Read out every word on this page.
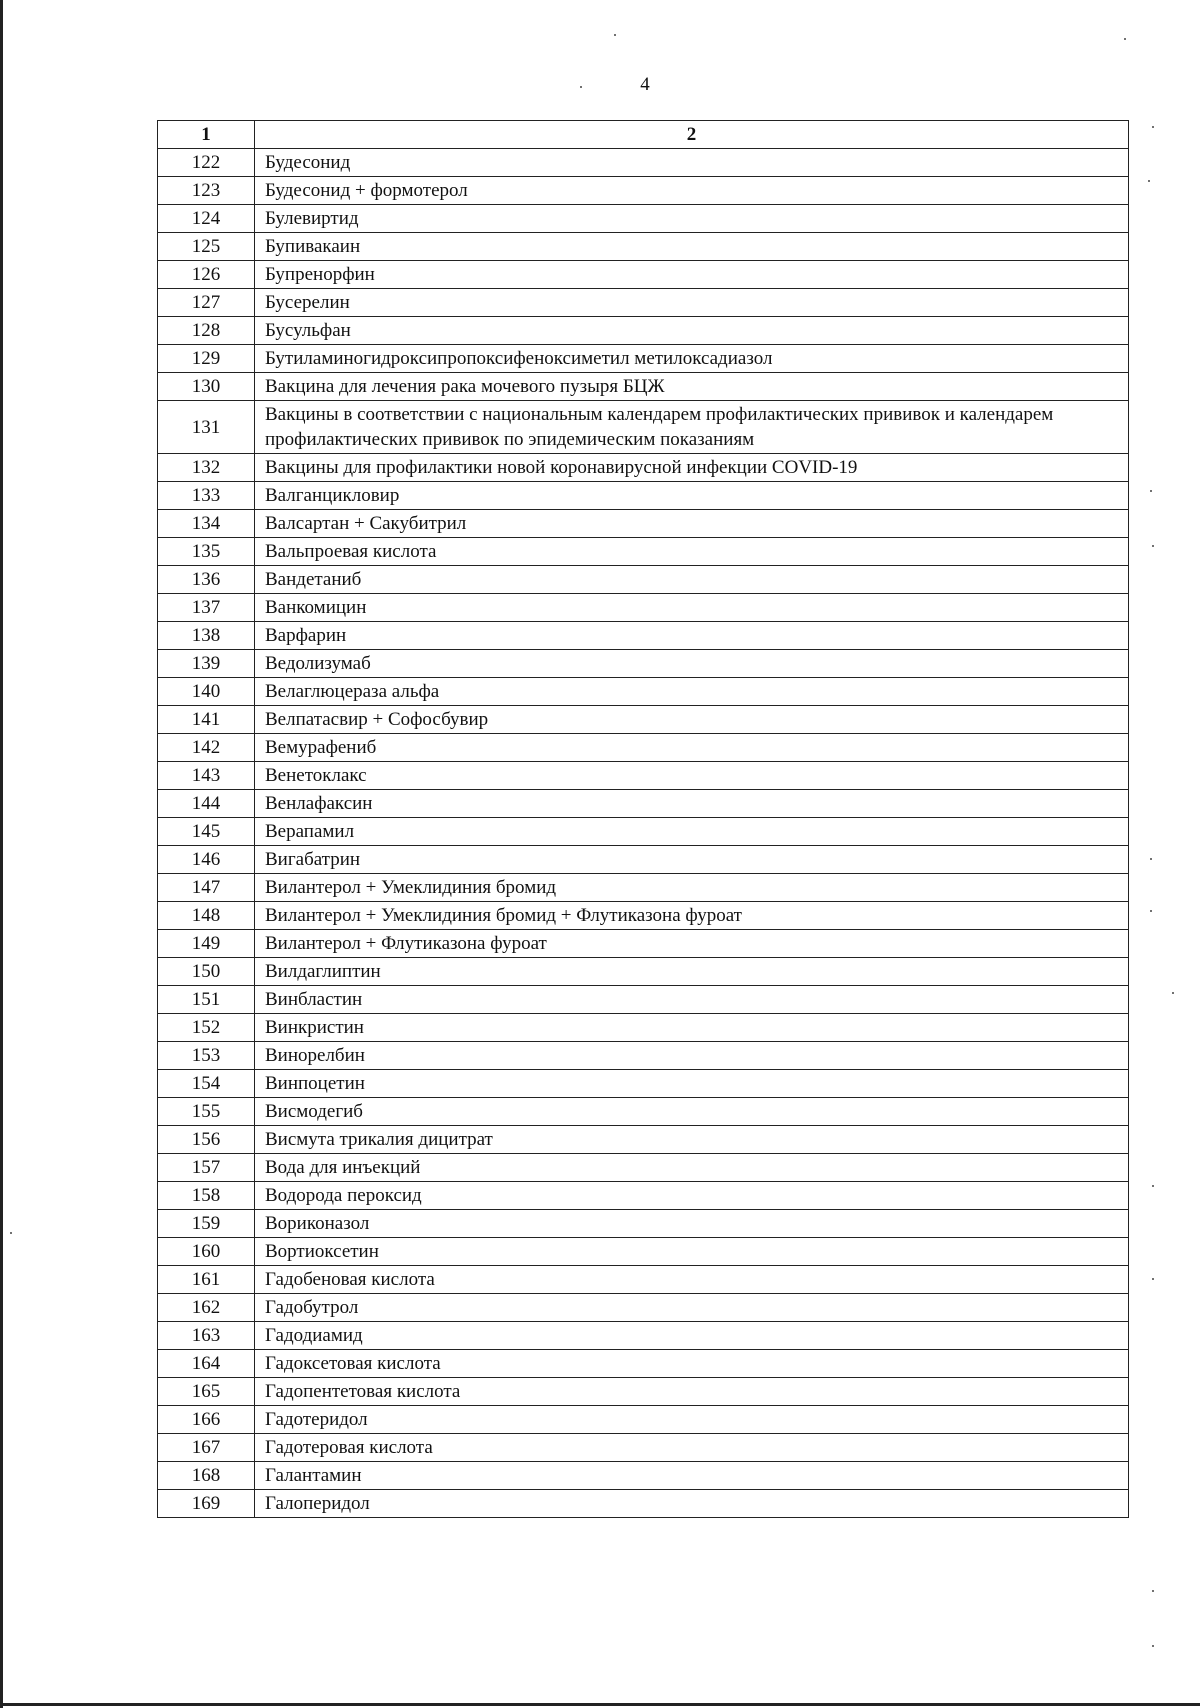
4
1	2
122	Будесонид
123	Будесонид + формотерол
124	Булевиртид
125	Бупивакаин
126	Бупренорфин
127	Бусерелин
128	Бусульфан
129	Бутиламиногидроксипропоксифеноксиметил метилоксадиазол
130	Вакцина для лечения рака мочевого пузыря БЦЖ
131	Вакцины в соответствии с национальным календарем профилактических прививок и календарем профилактических прививок по эпидемическим показаниям
132	Вакцины для профилактики новой коронавирусной инфекции COVID-19
133	Валганцикловир
134	Валсартан + Сакубитрил
135	Вальпроевая кислота
136	Вандетаниб
137	Ванкомицин
138	Варфарин
139	Ведолизумаб
140	Велаглюцераза альфа
141	Велпатасвир + Софосбувир
142	Вемурафениб
143	Венетоклакс
144	Венлафаксин
145	Верапамил
146	Вигабатрин
147	Вилантерол + Умеклидиния бромид
148	Вилантерол + Умеклидиния бромид + Флутиказона фуроат
149	Вилантерол + Флутиказона фуроат
150	Вилдаглиптин
151	Винбластин
152	Винкристин
153	Винорелбин
154	Винпоцетин
155	Висмодегиб
156	Висмута трикалия дицитрат
157	Вода для инъекций
158	Водорода пероксид
159	Вориконазол
160	Вортиоксетин
161	Гадобеновая кислота
162	Гадобутрол
163	Гадодиамид
164	Гадоксетовая кислота
165	Гадопентетовая кислота
166	Гадотеридол
167	Гадотеровая кислота
168	Галантамин
169	Галоперидол
